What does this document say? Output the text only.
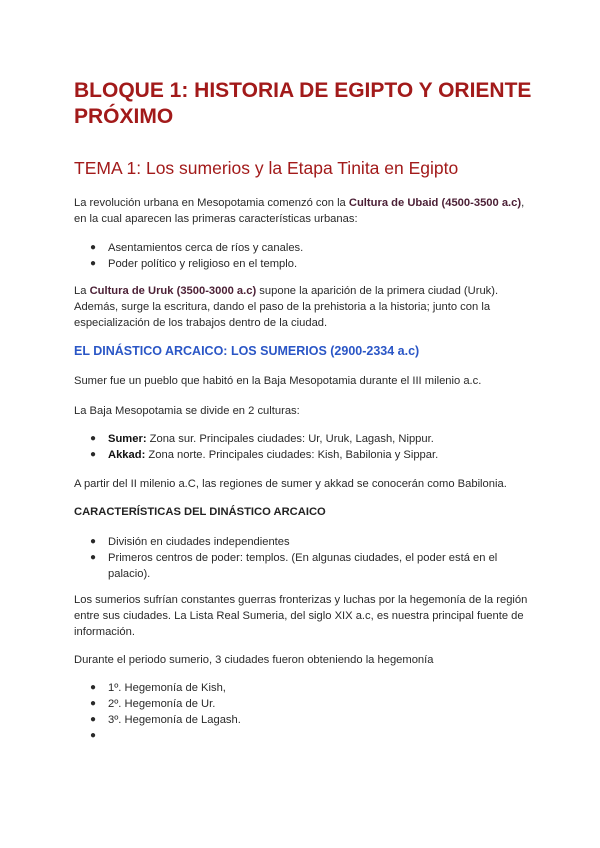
BLOQUE 1: HISTORIA DE EGIPTO Y ORIENTE PRÓXIMO
TEMA 1: Los sumerios y la Etapa Tinita en Egipto
La revolución urbana en Mesopotamia comenzó con la Cultura de Ubaid (4500-3500 a.c), en la cual aparecen las primeras características urbanas:
● Asentamientos cerca de ríos y canales.
● Poder político y religioso en el templo.
La Cultura de Uruk (3500-3000 a.c) supone la aparición de la primera ciudad (Uruk). Además, surge la escritura, dando el paso de la prehistoria a la historia; junto con la especialización de los trabajos dentro de la ciudad.
EL DINÁSTICO ARCAICO: LOS SUMERIOS (2900-2334 a.c)
Sumer fue un pueblo que habitó en la Baja Mesopotamia durante el III milenio a.c.
La Baja Mesopotamia se divide en 2 culturas:
● Sumer: Zona sur. Principales ciudades: Ur, Uruk, Lagash, Nippur.
● Akkad: Zona norte. Principales ciudades: Kish, Babilonia y Sippar.
A partir del II milenio a.C, las regiones de sumer y akkad se conocerán como Babilonia.
CARACTERÍSTICAS DEL DINÁSTICO ARCAICO
● División en ciudades independientes
● Primeros centros de poder: templos. (En algunas ciudades, el poder está en el palacio).
Los sumerios sufrían constantes guerras fronterizas y luchas por la hegemonía de la región entre sus ciudades. La Lista Real Sumeria, del siglo XIX a.c, es nuestra principal fuente de información.
Durante el periodo sumerio, 3 ciudades fueron obteniendo la hegemonía
● 1º. Hegemonía de Kish,
● 2º. Hegemonía de Ur.
● 3º. Hegemonía de Lagash.
●
